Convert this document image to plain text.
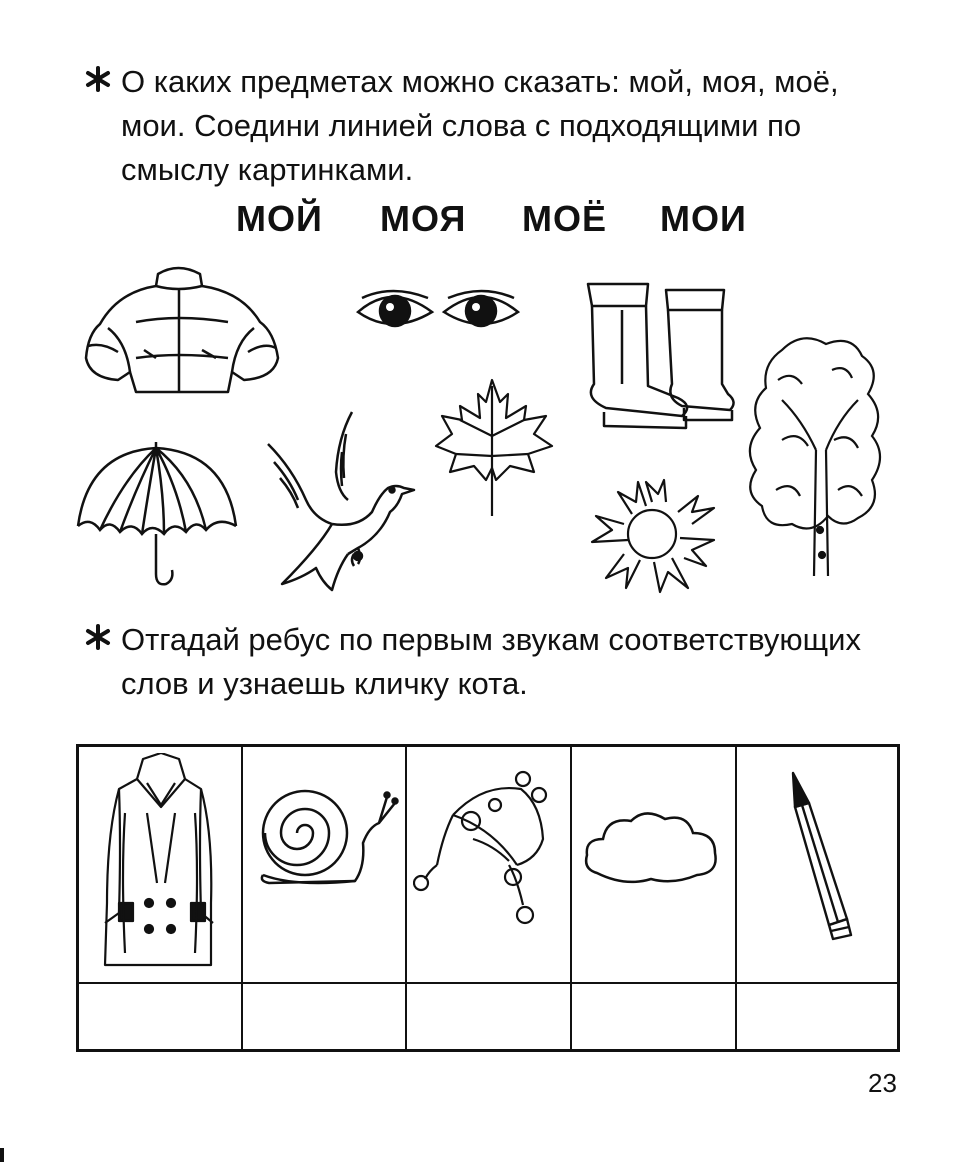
О каких предметах можно сказать: мой, моя, моё,
мои. Соедини линией слова с подходящими по
смыслу картинками.
МОЙ МОЯ МОЁ МОИ
Отгадай ребус по первым звукам соответствующих
слов и узнаешь кличку кота.
23
